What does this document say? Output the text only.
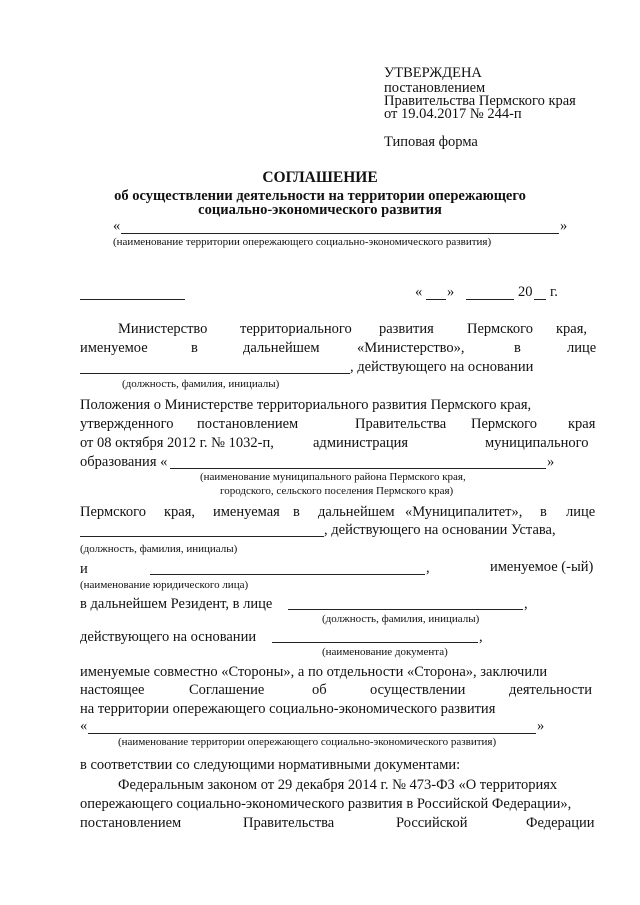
УТВЕРЖДЕНА
постановлением
Правительства Пермского края
от 19.04.2017 № 244-п
Типовая форма
СОГЛАШЕНИЕ
об осуществлении деятельности на территории опережающего
социально-экономического развития
«	»
(наименование территории опережающего социально-экономического развития)
« »	20 г.
Министерство территориального развития Пермского края,
именуемое	в	дальнейшем	«Министерство»,	в	лице
, действующего на основании
(должность, фамилия, инициалы)
Положения о Министерстве территориального развития Пермского края,
утвержденного постановлением	Правительства Пермского края
от 08 октября 2012 г. № 1032-п,	администрация	муниципального
образования «	»
(наименование муниципального района Пермского края,
городского, сельского поселения Пермского края)
Пермского края, именуемая в дальнейшем «Муниципалитет», в лице
, действующего на основании Устава,
(должность, фамилия, инициалы)
и	,	именуемое (-ый)
(наименование юридического лица)
в дальнейшем Резидент, в лице	,
(должность, фамилия, инициалы)
действующего на основании	,
(наименование документа)
именуемые совместно «Стороны», а по отдельности «Сторона», заключили
настоящее	Соглашение	об	осуществлении	деятельности
на территории опережающего социально-экономического развития
«	»
(наименование территории опережающего социально-экономического развития)
в соответствии со следующими нормативными документами:
Федеральным законом от 29 декабря 2014 г. № 473-ФЗ «О территориях
опережающего социально-экономического развития в Российской Федерации»,
постановлением	Правительства	Российской	Федерации
